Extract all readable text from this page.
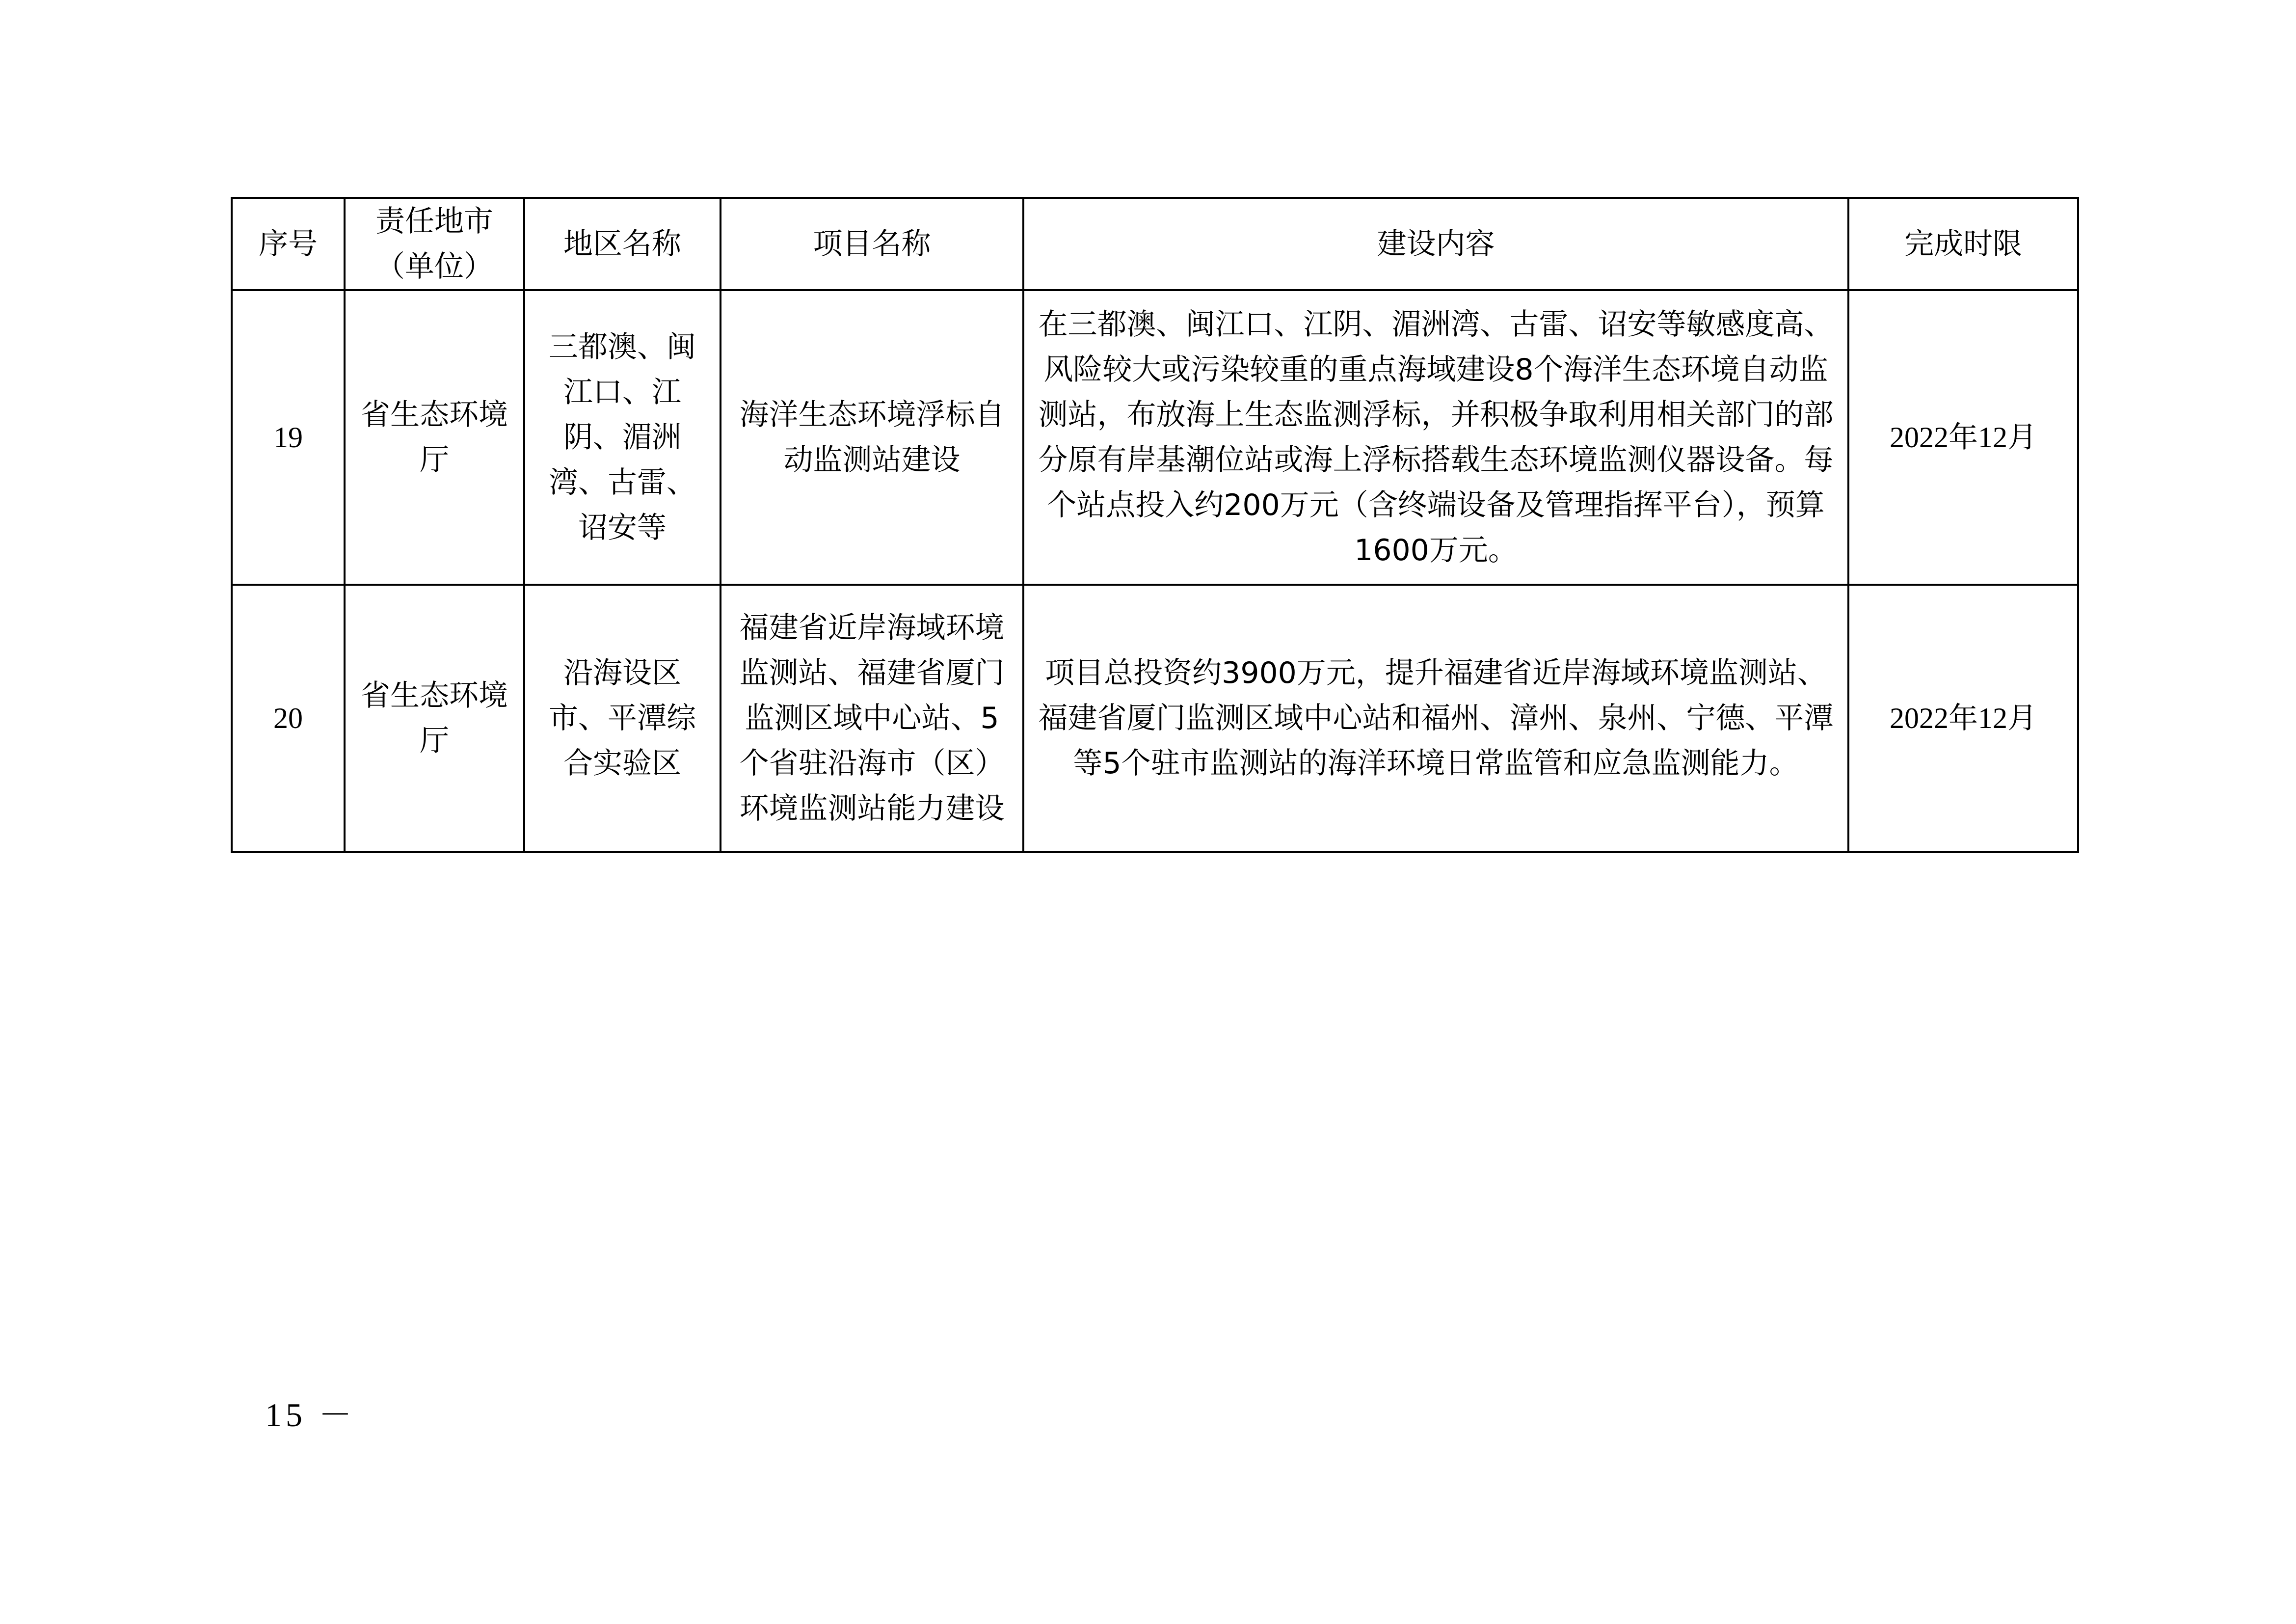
序号	责任地市（单位）	地区名称	项目名称	建设内容	完成时限
19	省生态环境厅	三都澳、闽江口、江阴、湄洲湾、古雷、诏安等	海洋生态环境浮标自动监测站建设	在三都澳、闽江口、江阴、湄洲湾、古雷、诏安等敏感度高、风险较大或污染较重的重点海域建设8个海洋生态环境自动监测站，布放海上生态监测浮标，并积极争取利用相关部门的部分原有岸基潮位站或海上浮标搭载生态环境监测仪器设备。每个站点投入约200万元（含终端设备及管理指挥平台），预算1600万元。	2022年12月
20	省生态环境厅	沿海设区市、平潭综合实验区	福建省近岸海域环境监测站、福建省厦门监测区域中心站、5个省驻沿海市（区）环境监测站能力建设	项目总投资约3900万元，提升福建省近岸海域环境监测站、福建省厦门监测区域中心站和福州、漳州、泉州、宁德、平潭等5个驻市监测站的海洋环境日常监管和应急监测能力。	2022年12月
15 －
